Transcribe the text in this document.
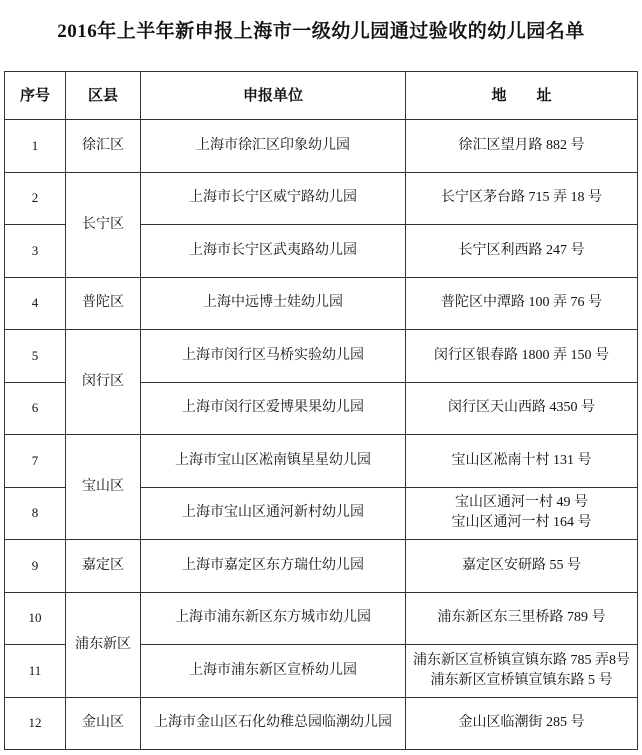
2016年上半年新申报上海市一级幼儿园通过验收的幼儿园名单
序号	区县	申报单位	地　　址
1	徐汇区	上海市徐汇区印象幼儿园	徐汇区望月路 882 号

2	长宁区	上海市长宁区威宁路幼儿园	长宁区茅台路 715 弄 18 号

3		上海市长宁区武夷路幼儿园	长宁区利西路 247 号

4	普陀区	上海中远博士娃幼儿园	普陀区中潭路 100 弄 76 号

5	闵行区	上海市闵行区马桥实验幼儿园	闵行区银春路 1800 弄 150 号

6		上海市闵行区爱博果果幼儿园	闵行区天山西路 4350 号

7	宝山区	上海市宝山区凇南镇星星幼儿园	宝山区凇南十村 131 号

8		上海市宝山区通河新村幼儿园	宝山区通河一村 49 号
宝山区通河一村 164 号

9	嘉定区	上海市嘉定区东方瑞仕幼儿园	嘉定区安研路 55 号

10	浦东新区	上海市浦东新区东方城市幼儿园	浦东新区东三里桥路 789 号

11		上海市浦东新区宣桥幼儿园	浦东新区宣桥镇宣镇东路 785 弄8号
浦东新区宣桥镇宣镇东路 5 号

12	金山区	上海市金山区石化幼稚总园临潮幼儿园	金山区临潮街 285 号
